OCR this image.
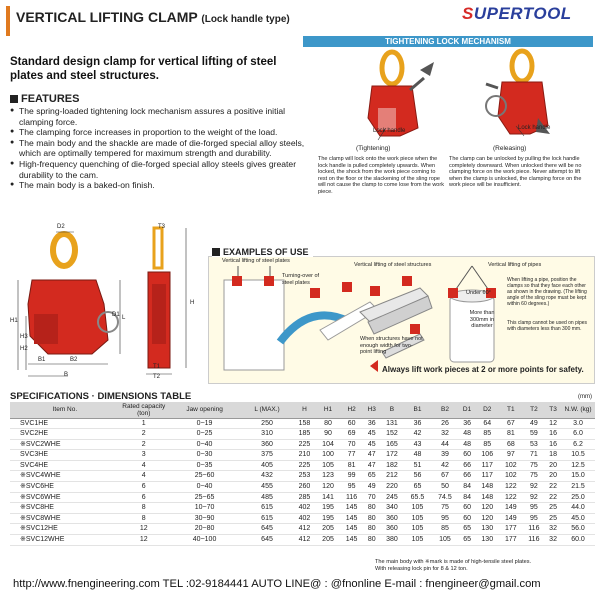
VERTICAL LIFTING CLAMP (Lock handle type)	SUPERTOOL
Standard design clamp for vertical lifting of steel plates and steel structures.
FEATURES
● The spring-loaded tightening lock mechanism assures a positive initial clamping force.
● The clamping force increases in proportion to the weight of the load.
● The main body and the shackle are made of die-forged special alloy steels, which are optimally tempered for maximum strength and durability.
● High-frequency quenching of die-forged special alloy steels gives greater durability to the cam.
● The main body is a baked-on finish.
TIGHTENING LOCK MECHANISM
Lock handle	Lock handle
(Tightening)	(Releasing)
The clamp will lock onto the work piece when the lock handle is pulled completely upwards. When locked, the shock from the work piece coming to rest on the floor or the slackening of the sling rope will not cause the clamp to come lose from the work piece.
The clamp can be unlocked by pulling the lock handle completely downward. When unlocked there will be no clamping force on the work piece. Never attempt to lift when the clamp is unlocked, the clamping force on the work piece will be insufficient.
D2	T3
D1 L
H
H1
H3
H2
B1	B2
B
T1
T2
EXAMPLES OF USE
Vertical lifting of steel plates
Turning-over of steel plates
Vertical lifting of steel structures
When structures have not enough width for two-point lifting
Vertical lifting of pipes
Under 60°
More than 300mm in diameter
When lifting a pipe, position the clamps so that they face each other as shown in the drawing. (The lifting angle of the sling rope must be kept within 60 degrees.)
This clamp cannot be used on pipes with diameters less than 300 mm.
Always lift work pieces at 2 or more points for safety.
SPECIFICATIONS · DIMENSIONS TABLE	(mm)
Item No.	Rated capacity (ton)	Jaw opening	L (MAX.)	H	H1	H2	H3	B	B1	B2	D1	D2	T1	T2	T3	N.W. (kg)
SVC1HE	1	0~19	250	158	80	60	36	131	36	26	36	64	67	49	12	3.0
SVC2HE	2	0~25	310	185	90	69	45	152	42	32	48	85	81	59	16	6.0
※SVC2WHE	2	0~40	360	225	104	70	45	165	43	44	48	85	68	53	16	6.2
SVC3HE	3	0~30	375	210	100	77	47	172	48	39	60	106	97	71	18	10.5
SVC4HE	4	0~35	405	225	105	81	47	182	51	42	66	117	102	75	20	12.5
※SVC4WHE	4	25~60	432	253	123	99	65	212	56	67	66	117	102	75	20	15.0
※SVC6HE	6	0~40	455	260	120	95	49	220	65	50	84	148	122	92	22	21.5
※SVC6WHE	6	25~65	485	285	141	116	70	245	65.5	74.5	84	148	122	92	22	25.0
※SVC8HE	8	10~70	615	402	195	145	80	340	105	75	60	120	149	95	25	44.0
※SVC8WHE	8	30~90	615	402	195	145	80	360	105	95	60	120	149	95	25	45.0
※SVC12HE	12	20~80	645	412	205	145	80	360	105	85	65	130	177	116	32	56.0
※SVC12WHE	12	40~100	645	412	205	145	80	380	105	105	65	130	177	116	32	60.0
The main body with ※mark is made of high-tensile steel plates.
With releasing lock pin for 8 & 12 ton.
http://www.fnengineering.com TEL :02-9184441 AUTO LINE@ : @fnonline E-mail : fnengineer@gmail.com
